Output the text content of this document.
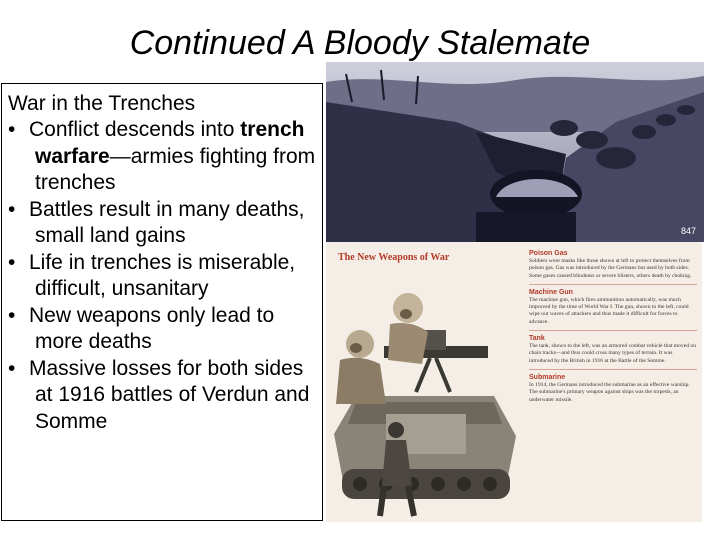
Continued A Bloody Stalemate
War in the Trenches
• Conflict descends into trench warfare—armies fighting from trenches
• Battles result in many deaths, small land gains
• Life in trenches is miserable, difficult, unsanitary
• New weapons only lead to more deaths
• Massive losses for both sides at 1916 battles of Verdun and Somme
847
The New Weapons of War	Poison Gas

Soldiers wore masks like those shown at left to protect themselves from poison gas. Gas was introduced by the Germans but used by both sides. Some gases caused blindness or severe blisters, others death by choking.

Machine Gun

The machine gun, which fires ammunition automatically, was much improved by the time of World War I. The gun, shown to the left, could wipe out waves of attackers and thus made it difficult for forces to advance.

Tank

The tank, shown to the left, was an armored combat vehicle that moved on chain tracks—and thus could cross many types of terrain. It was introduced by the British in 1916 at the Battle of the Somme.

Submarine

In 1914, the Germans introduced the submarine as an effective warship. The submarine's primary weapon against ships was the torpedo, an underwater missile.
